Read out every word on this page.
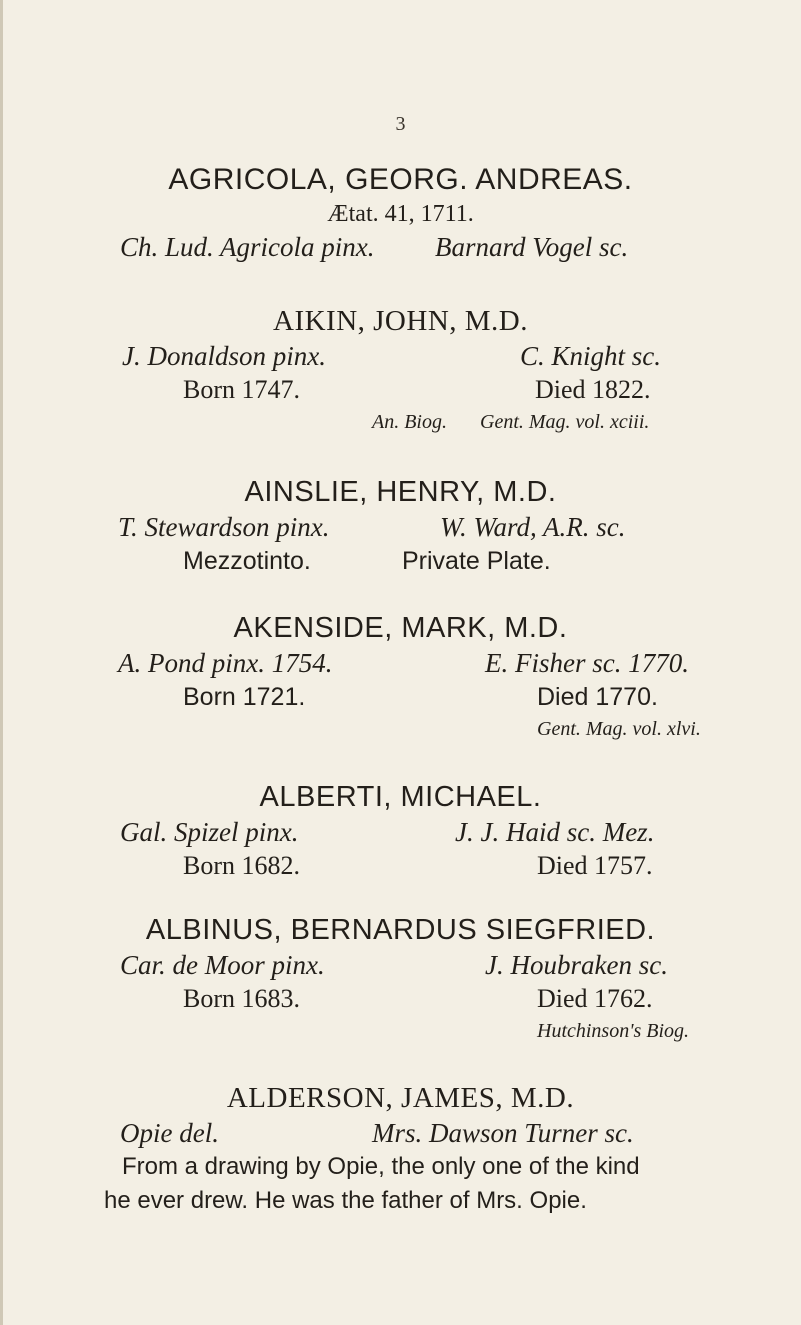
3
AGRICOLA, GEORG. ANDREAS.
Ætat. 41, 1711.
Ch. Lud. Agricola pinx. Barnard Vogel sc.
AIKIN, JOHN, M.D.
J. Donaldson pinx.	C. Knight sc.
Born 1747.	Died 1822.
An. Biog. Gent. Mag. vol. xciii.
AINSLIE, HENRY, M.D.
T. Stewardson pinx.	W. Ward, A.R. sc.
Mezzotinto.	Private Plate.
AKENSIDE, MARK, M.D.
A. Pond pinx. 1754.	E. Fisher sc. 1770.
Born 1721.	Died 1770.
Gent. Mag. vol. xlvi.
ALBERTI, MICHAEL.
Gal. Spizel pinx.	J. J. Haid sc. Mez.
Born 1682.	Died 1757.
ALBINUS, BERNARDUS SIEGFRIED.
Car. de Moor pinx.	J. Houbraken sc.
Born 1683.	Died 1762.
Hutchinson's Biog.
ALDERSON, JAMES, M.D.
Opie del.	Mrs. Dawson Turner sc.
From a drawing by Opie, the only one of the kind
he ever drew. He was the father of Mrs. Opie.
